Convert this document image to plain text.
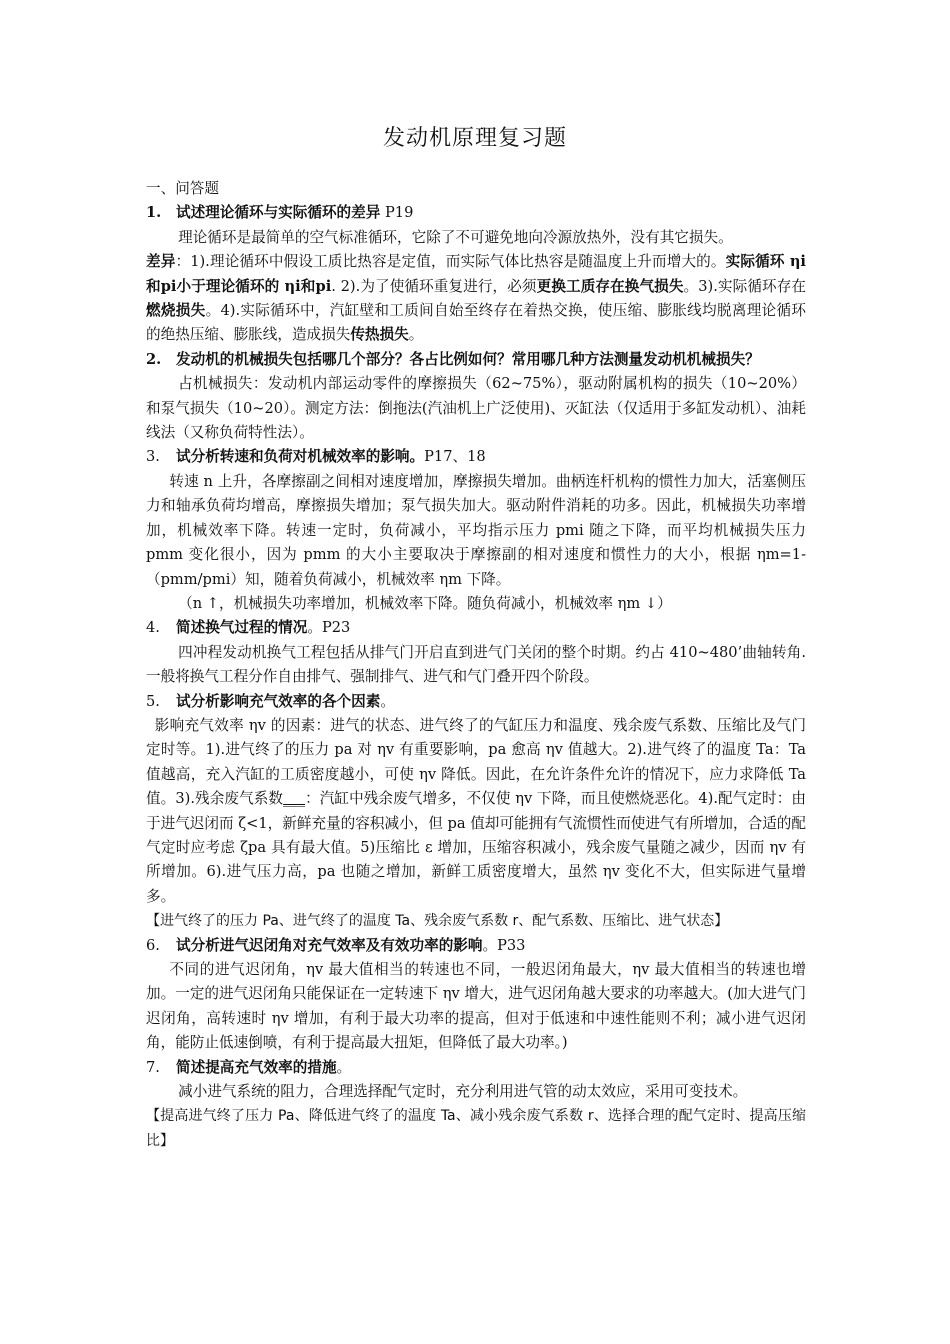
发动机原理复习题

一、问答题

1.	试述理论循环与实际循环的差异 P19

理论循环是最简单的空气标准循环，它除了不可避免地向冷源放热外，没有其它损失。

差异：1).理论循环中假设工质比热容是定值，而实际气体比热容是随温度上升而增大的。实际循环 ηi和pi小于理论循环的 ηi和pi. 2).为了使循环重复进行，必须更换工质存在换气损失。3).实际循环存在燃烧损失。4).实际循环中，汽缸壁和工质间自始至终存在着热交换，使压缩、膨胀线均脱离理论循环的绝热压缩、膨胀线，造成损失传热损失。

2.	发动机的机械损失包括哪几个部分？各占比例如何？常用哪几种方法测量发动机机械损失？

占机械损失：发动机内部运动零件的摩擦损失（62~75%），驱动附属机构的损失（10~20%）和泵气损失（10~20）。测定方法：倒拖法(汽油机上广泛使用)、灭缸法（仅适用于多缸发动机）、油耗线法（又称负荷特性法）。

3.	试分析转速和负荷对机械效率的影响。P17、18

转速 n 上升，各摩擦副之间相对速度增加，摩擦损失增加。曲柄连杆机构的惯性力加大，活塞侧压力和轴承负荷均增高，摩擦损失增加；泵气损失加大。驱动附件消耗的功多。因此，机械损失功率增加，机械效率下降。转速一定时，负荷减小，平均指示压力 pmi 随之下降，而平均机械损失压力 pmm 变化很小，因为 pmm 的大小主要取决于摩擦副的相对速度和惯性力的大小，根据 ηm=1-（pmm/pmi）知，随着负荷减小，机械效率 ηm 下降。

（n ↑，机械损失功率增加，机械效率下降。随负荷减小，机械效率 ηm ↓）

4.	简述换气过程的情况。P23

四冲程发动机换气工程包括从排气门开启直到进气门关闭的整个时期。约占 410~480’曲轴转角.一般将换气工程分作自由排气、强制排气、进气和气门叠开四个阶段。

5.	试分析影响充气效率的各个因素。

影响充气效率 ηv 的因素：进气的状态、进气终了的气缸压力和温度、残余废气系数、压缩比及气门定时等。1).进气终了的压力 pa 对 ηv 有重要影响，pa 愈高 ηv 值越大。2).进气终了的温度 Ta：Ta 值越高，充入汽缸的工质密度越小，可使 ηv 降低。因此，在允许条件允许的情况下，应力求降低 Ta 值。3).残余废气系数___：汽缸中残余废气增多，不仅使 ηv 下降，而且使燃烧恶化。4).配气定时：由于进气迟闭而 ζ<1，新鲜充量的容积减小，但 pa 值却可能拥有气流惯性而使进气有所增加，合适的配气定时应考虑 ζpa 具有最大值。5)压缩比 ε 增加，压缩容积减小，残余废气量随之减少，因而 ηv 有所增加。6).进气压力高，pa 也随之增加，新鲜工质密度增大，虽然 ηv 变化不大，但实际进气量增多。

【进气终了的压力 Pa、进气终了的温度 Ta、残余废气系数 r、配气系数、压缩比、进气状态】

6.	试分析进气迟闭角对充气效率及有效功率的影响。P33

不同的进气迟闭角，ηv 最大值相当的转速也不同，一般迟闭角最大，ηv 最大值相当的转速也增加。一定的进气迟闭角只能保证在一定转速下 ηv 增大，进气迟闭角越大要求的功率越大。(加大进气门迟闭角，高转速时 ηv 增加，有利于最大功率的提高，但对于低速和中速性能则不利；减小进气迟闭角，能防止低速倒喷，有利于提高最大扭矩，但降低了最大功率。)

7.	简述提高充气效率的措施。

减小进气系统的阻力，合理选择配气定时，充分利用进气管的动太效应，采用可变技术。

【提高进气终了压力 Pa、降低进气终了的温度 Ta、减小残余废气系数 r、选择合理的配气定时、提高压缩比】
